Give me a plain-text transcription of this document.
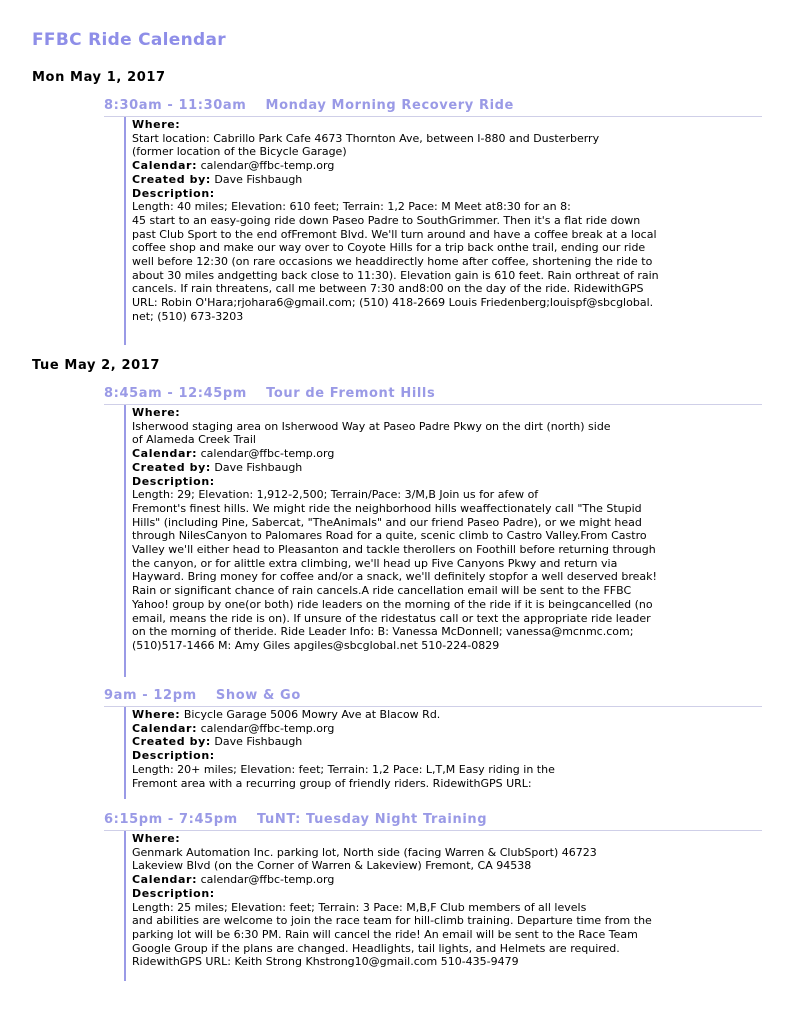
FFBC Ride Calendar
Mon May 1, 2017
8:30am - 11:30am Monday Morning Recovery Ride

Where:

Start location: Cabrillo Park Cafe 4673 Thornton Ave, between I-880 and Dusterberry

(former location of the Bicycle Garage)

Calendar: calendar@ffbc-temp.org

Created by: Dave Fishbaugh

Description:

Length: 40 miles; Elevation: 610 feet; Terrain: 1,2 Pace: M Meet at8:30 for an 8:

45 start to an easy-going ride down Paseo Padre to SouthGrimmer. Then it's a flat ride down

past Club Sport to the end ofFremont Blvd. We'll turn around and have a coffee break at a local

coffee shop and make our way over to Coyote Hills for a trip back onthe trail, ending our ride

well before 12:30 (on rare occasions we headdirectly home after coffee, shortening the ride to

about 30 miles andgetting back close to 11:30). Elevation gain is 610 feet. Rain orthreat of rain

cancels. If rain threatens, call me between 7:30 and8:00 on the day of the ride. RidewithGPS

URL: Robin O'Hara;rjohara6@gmail.com; (510) 418-2669 Louis Friedenberg;louispf@sbcglobal.

net; (510) 673-3203

Tue May 2, 2017
8:45am - 12:45pm Tour de Fremont Hills

Where:

Isherwood staging area on Isherwood Way at Paseo Padre Pkwy on the dirt (north) side

of Alameda Creek Trail

Calendar: calendar@ffbc-temp.org

Created by: Dave Fishbaugh

Description:

Length: 29; Elevation: 1,912-2,500; Terrain/Pace: 3/M,B Join us for afew of

Fremont's finest hills. We might ride the neighborhood hills weaffectionately call "The Stupid

Hills" (including Pine, Sabercat, "TheAnimals" and our friend Paseo Padre), or we might head

through NilesCanyon to Palomares Road for a quite, scenic climb to Castro Valley.From Castro

Valley we'll either head to Pleasanton and tackle therollers on Foothill before returning through

the canyon, or for alittle extra climbing, we'll head up Five Canyons Pkwy and return via

Hayward. Bring money for coffee and/or a snack, we'll definitely stopfor a well deserved break!

Rain or significant chance of rain cancels.A ride cancellation email will be sent to the FFBC

Yahoo! group by one(or both) ride leaders on the morning of the ride if it is beingcancelled (no

email, means the ride is on). If unsure of the ridestatus call or text the appropriate ride leader

on the morning of theride. Ride Leader Info: B: Vanessa McDonnell; vanessa@mcnmc.com;

(510)517-1466 M: Amy Giles apgiles@sbcglobal.net 510-224-0829

9am - 12pm Show & Go

Where: Bicycle Garage 5006 Mowry Ave at Blacow Rd.

Calendar: calendar@ffbc-temp.org

Created by: Dave Fishbaugh

Description:

Length: 20+ miles; Elevation: feet; Terrain: 1,2 Pace: L,T,M Easy riding in the

Fremont area with a recurring group of friendly riders. RidewithGPS URL:

6:15pm - 7:45pm TuNT: Tuesday Night Training

Where:

Genmark Automation Inc. parking lot, North side (facing Warren & ClubSport) 46723

Lakeview Blvd (on the Corner of Warren & Lakeview) Fremont, CA 94538

Calendar: calendar@ffbc-temp.org

Description:

Length: 25 miles; Elevation: feet; Terrain: 3 Pace: M,B,F Club members of all levels

and abilities are welcome to join the race team for hill-climb training. Departure time from the

parking lot will be 6:30 PM. Rain will cancel the ride! An email will be sent to the Race Team

Google Group if the plans are changed. Headlights, tail lights, and Helmets are required.

RidewithGPS URL: Keith Strong Khstrong10@gmail.com 510-435-9479
